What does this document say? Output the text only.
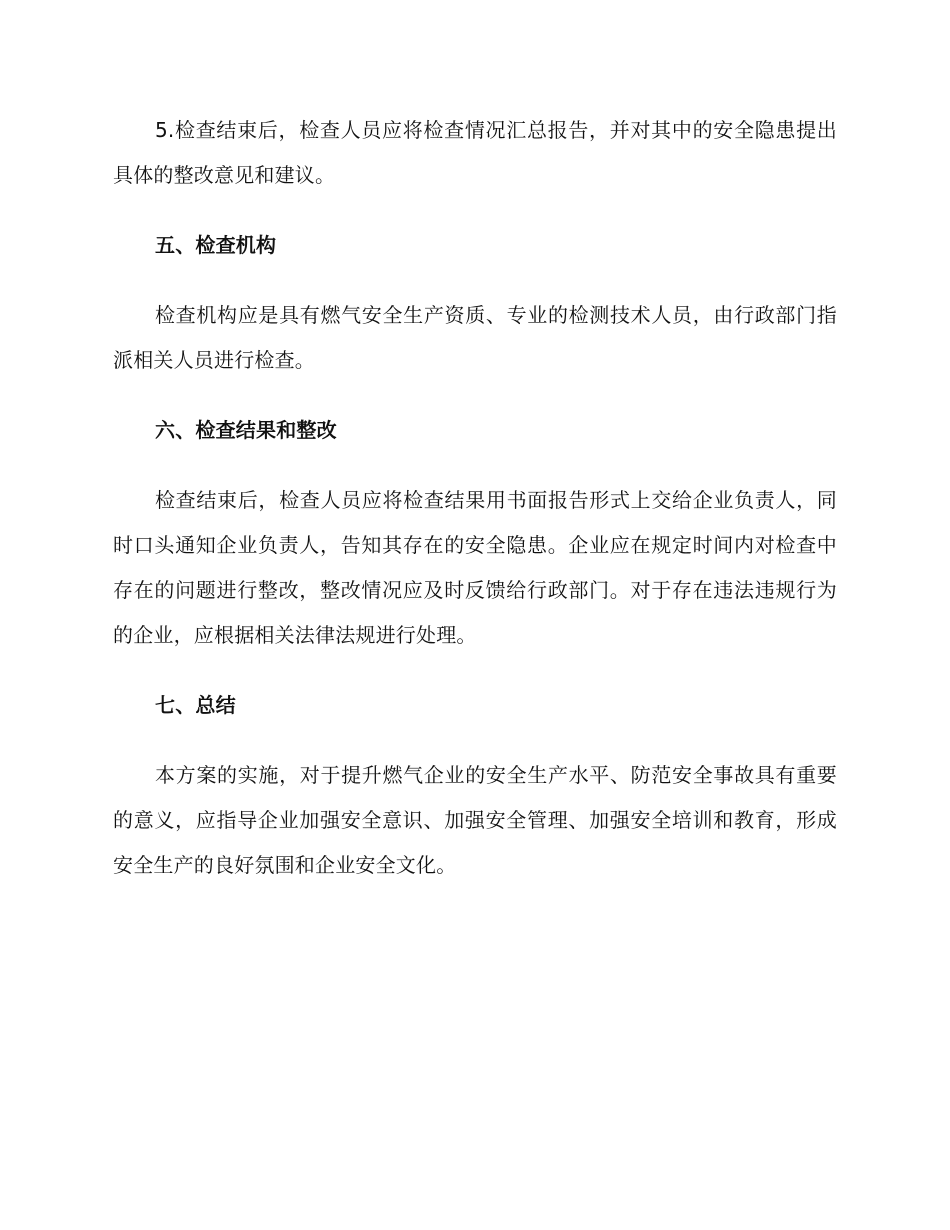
5.检查结束后，检查人员应将检查情况汇总报告，并对其中的安全隐患提出具体的整改意见和建议。

五、检查机构

检查机构应是具有燃气安全生产资质、专业的检测技术人员，由行政部门指派相关人员进行检查。

六、检查结果和整改

检查结束后，检查人员应将检查结果用书面报告形式上交给企业负责人，同时口头通知企业负责人，告知其存在的安全隐患。企业应在规定时间内对检查中存在的问题进行整改，整改情况应及时反馈给行政部门。对于存在违法违规行为的企业，应根据相关法律法规进行处理。

七、总结

本方案的实施，对于提升燃气企业的安全生产水平、防范安全事故具有重要的意义，应指导企业加强安全意识、加强安全管理、加强安全培训和教育，形成安全生产的良好氛围和企业安全文化。
